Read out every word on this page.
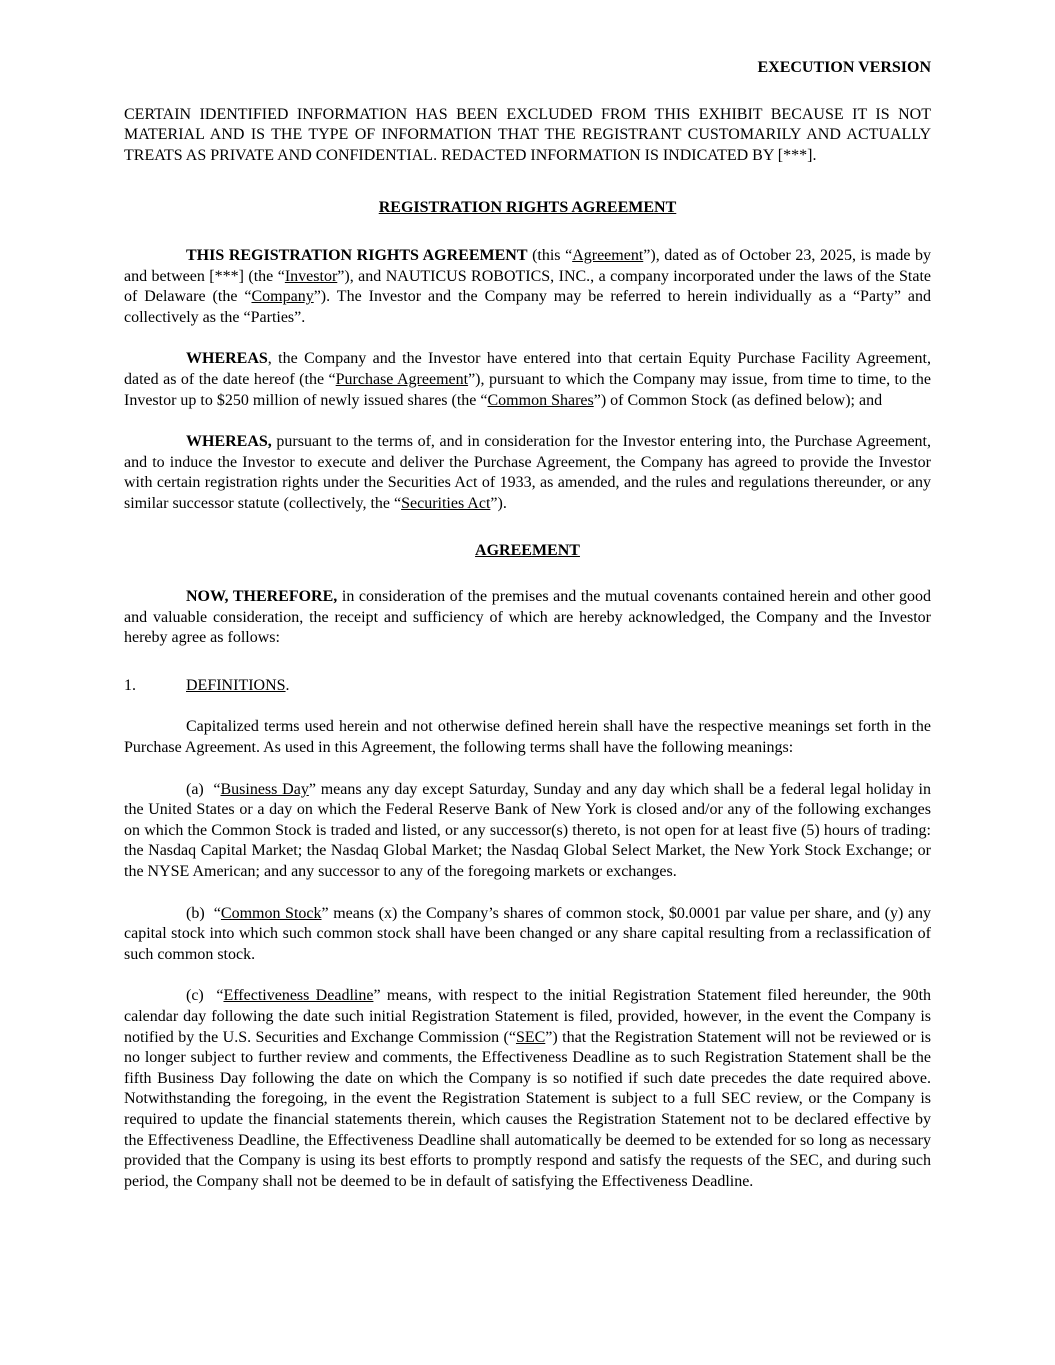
EXECUTION VERSION

CERTAIN IDENTIFIED INFORMATION HAS BEEN EXCLUDED FROM THIS EXHIBIT BECAUSE IT IS NOT MATERIAL AND IS THE TYPE OF INFORMATION THAT THE REGISTRANT CUSTOMARILY AND ACTUALLY TREATS AS PRIVATE AND CONFIDENTIAL. REDACTED INFORMATION IS INDICATED BY [***].

REGISTRATION RIGHTS AGREEMENT

THIS REGISTRATION RIGHTS AGREEMENT (this “Agreement”), dated as of October 23, 2025, is made by and between [***] (the “Investor”), and NAUTICUS ROBOTICS, INC., a company incorporated under the laws of the State of Delaware (the “Company”). The Investor and the Company may be referred to herein individually as a “Party” and collectively as the “Parties”.

WHEREAS, the Company and the Investor have entered into that certain Equity Purchase Facility Agreement, dated as of the date hereof (the “Purchase Agreement”), pursuant to which the Company may issue, from time to time, to the Investor up to $250 million of newly issued shares (the “Common Shares”) of Common Stock (as defined below); and

WHEREAS, pursuant to the terms of, and in consideration for the Investor entering into, the Purchase Agreement, and to induce the Investor to execute and deliver the Purchase Agreement, the Company has agreed to provide the Investor with certain registration rights under the Securities Act of 1933, as amended, and the rules and regulations thereunder, or any similar successor statute (collectively, the “Securities Act”).

AGREEMENT

NOW, THEREFORE, in consideration of the premises and the mutual covenants contained herein and other good and valuable consideration, the receipt and sufficiency of which are hereby acknowledged, the Company and the Investor hereby agree as follows:

1.	DEFINITIONS.

Capitalized terms used herein and not otherwise defined herein shall have the respective meanings set forth in the Purchase Agreement. As used in this Agreement, the following terms shall have the following meanings:

(a)  “Business Day” means any day except Saturday, Sunday and any day which shall be a federal legal holiday in the United States or a day on which the Federal Reserve Bank of New York is closed and/or any of the following exchanges on which the Common Stock is traded and listed, or any successor(s) thereto, is not open for at least five (5) hours of trading: the Nasdaq Capital Market; the Nasdaq Global Market; the Nasdaq Global Select Market, the New York Stock Exchange; or the NYSE American; and any successor to any of the foregoing markets or exchanges.

(b)  “Common Stock” means (x) the Company’s shares of common stock, $0.0001 par value per share, and (y) any capital stock into which such common stock shall have been changed or any share capital resulting from a reclassification of such common stock.

(c)  “Effectiveness Deadline” means, with respect to the initial Registration Statement filed hereunder, the 90th calendar day following the date such initial Registration Statement is filed, provided, however, in the event the Company is notified by the U.S. Securities and Exchange Commission (“SEC”) that the Registration Statement will not be reviewed or is no longer subject to further review and comments, the Effectiveness Deadline as to such Registration Statement shall be the fifth Business Day following the date on which the Company is so notified if such date precedes the date required above. Notwithstanding the foregoing, in the event the Registration Statement is subject to a full SEC review, or the Company is required to update the financial statements therein, which causes the Registration Statement not to be declared effective by the Effectiveness Deadline, the Effectiveness Deadline shall automatically be deemed to be extended for so long as necessary provided that the Company is using its best efforts to promptly respond and satisfy the requests of the SEC, and during such period, the Company shall not be deemed to be in default of satisfying the Effectiveness Deadline.
